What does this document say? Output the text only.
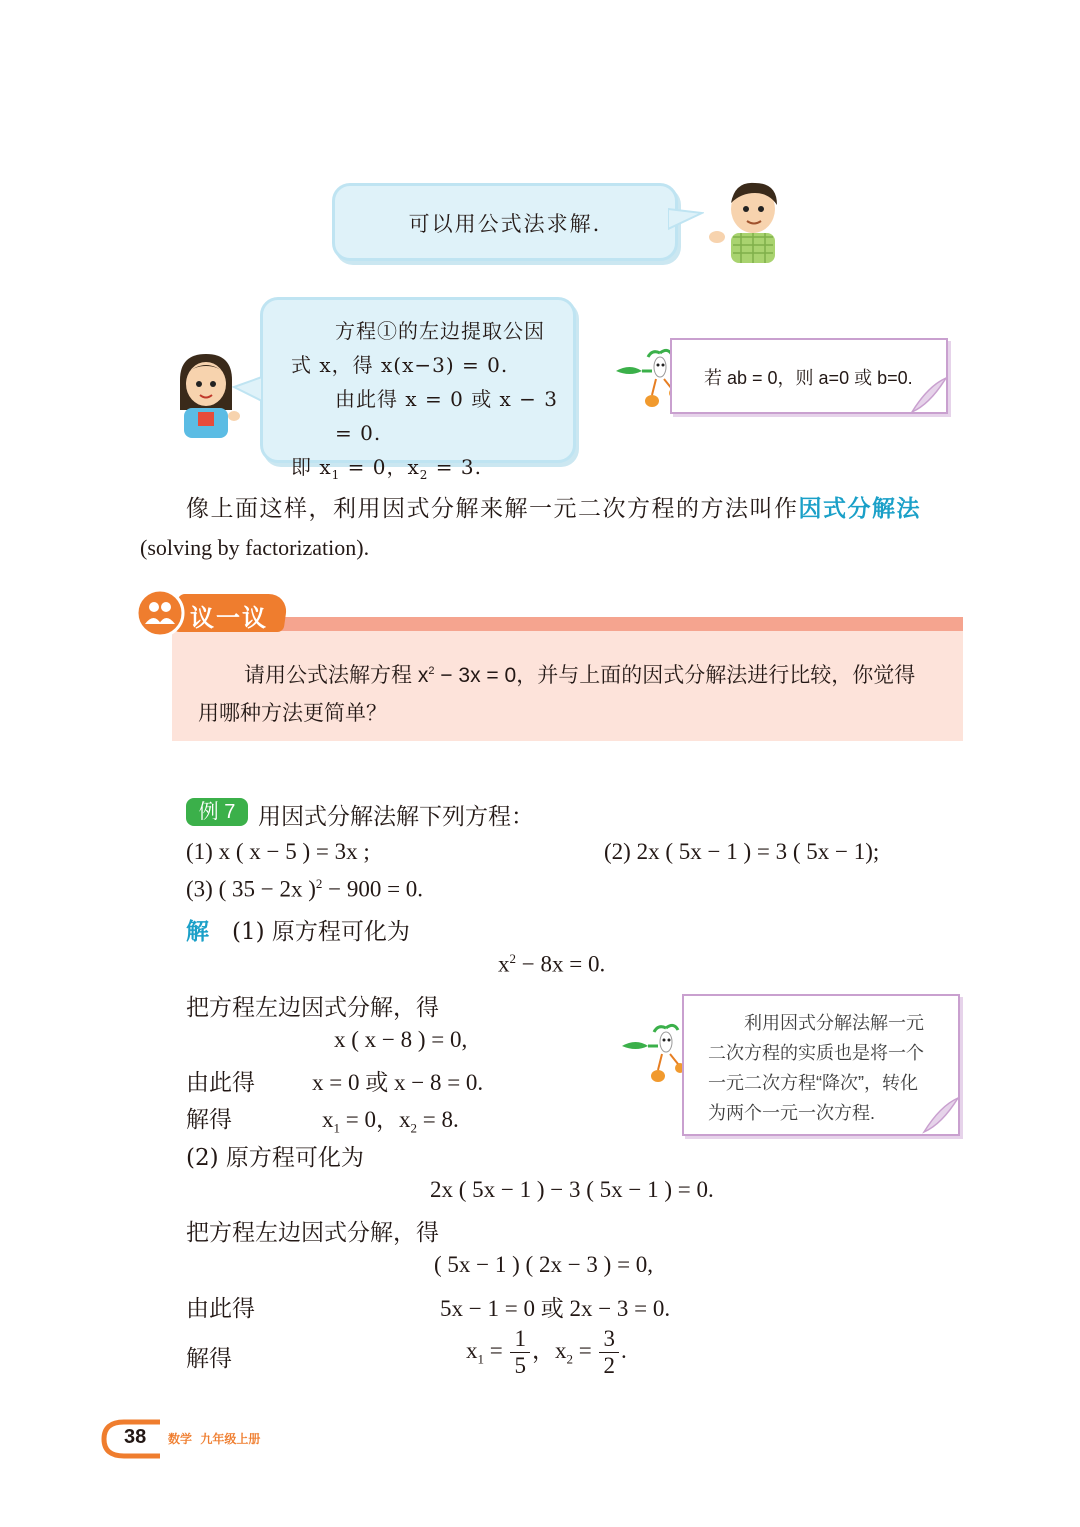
可以用公式法求解.
方程①的左边提取公因
式 x，得 x(x−3) = 0.
由此得 x = 0 或 x − 3 = 0.
即 $x_1 = 0$，$x_2 = 3$.
若 ab = 0，则 a=0 或 b=0.
像上面这样，利用因式分解来解一元二次方程的方法叫作因式分解法
(solving by factorization).
请用公式法解方程 $x^2 - 3x = 0$，并与上面的因式分解法进行比较，你觉得
用哪种方法更简单？
议一议
例 7 用因式分解法解下列方程：
(1) x ( x − 5 ) = 3x ;	(2) 2x ( 5x − 1 ) = 3 ( 5x − 1);
(3) ( 35 − 2x )$^2$ − 900 = 0.
解 (1) 原方程可化为
$x^2 - 8x = 0$.
把方程左边因式分解，得
x ( x − 8 ) = 0,
由此得 x = 0 或 x − 8 = 0.
解得	$x_1 = 0$，$x_2 = 8$.
利用因式分解法解一元
二次方程的实质也是将一个
一元二次方程“降次”，转化
为两个一元一次方程.
(2) 原方程可化为
2x ( 5x − 1 ) − 3 ( 5x − 1 ) = 0.
把方程左边因式分解，得
( 5x − 1 ) ( 2x − 3 ) = 0,
由此得	5x − 1 = 0 或 2x − 3 = 0.
解得	$x_1 = \frac{1}{5}$ ，$x_2 = \frac{3}{2}$ .
38 数学  九年级上册
